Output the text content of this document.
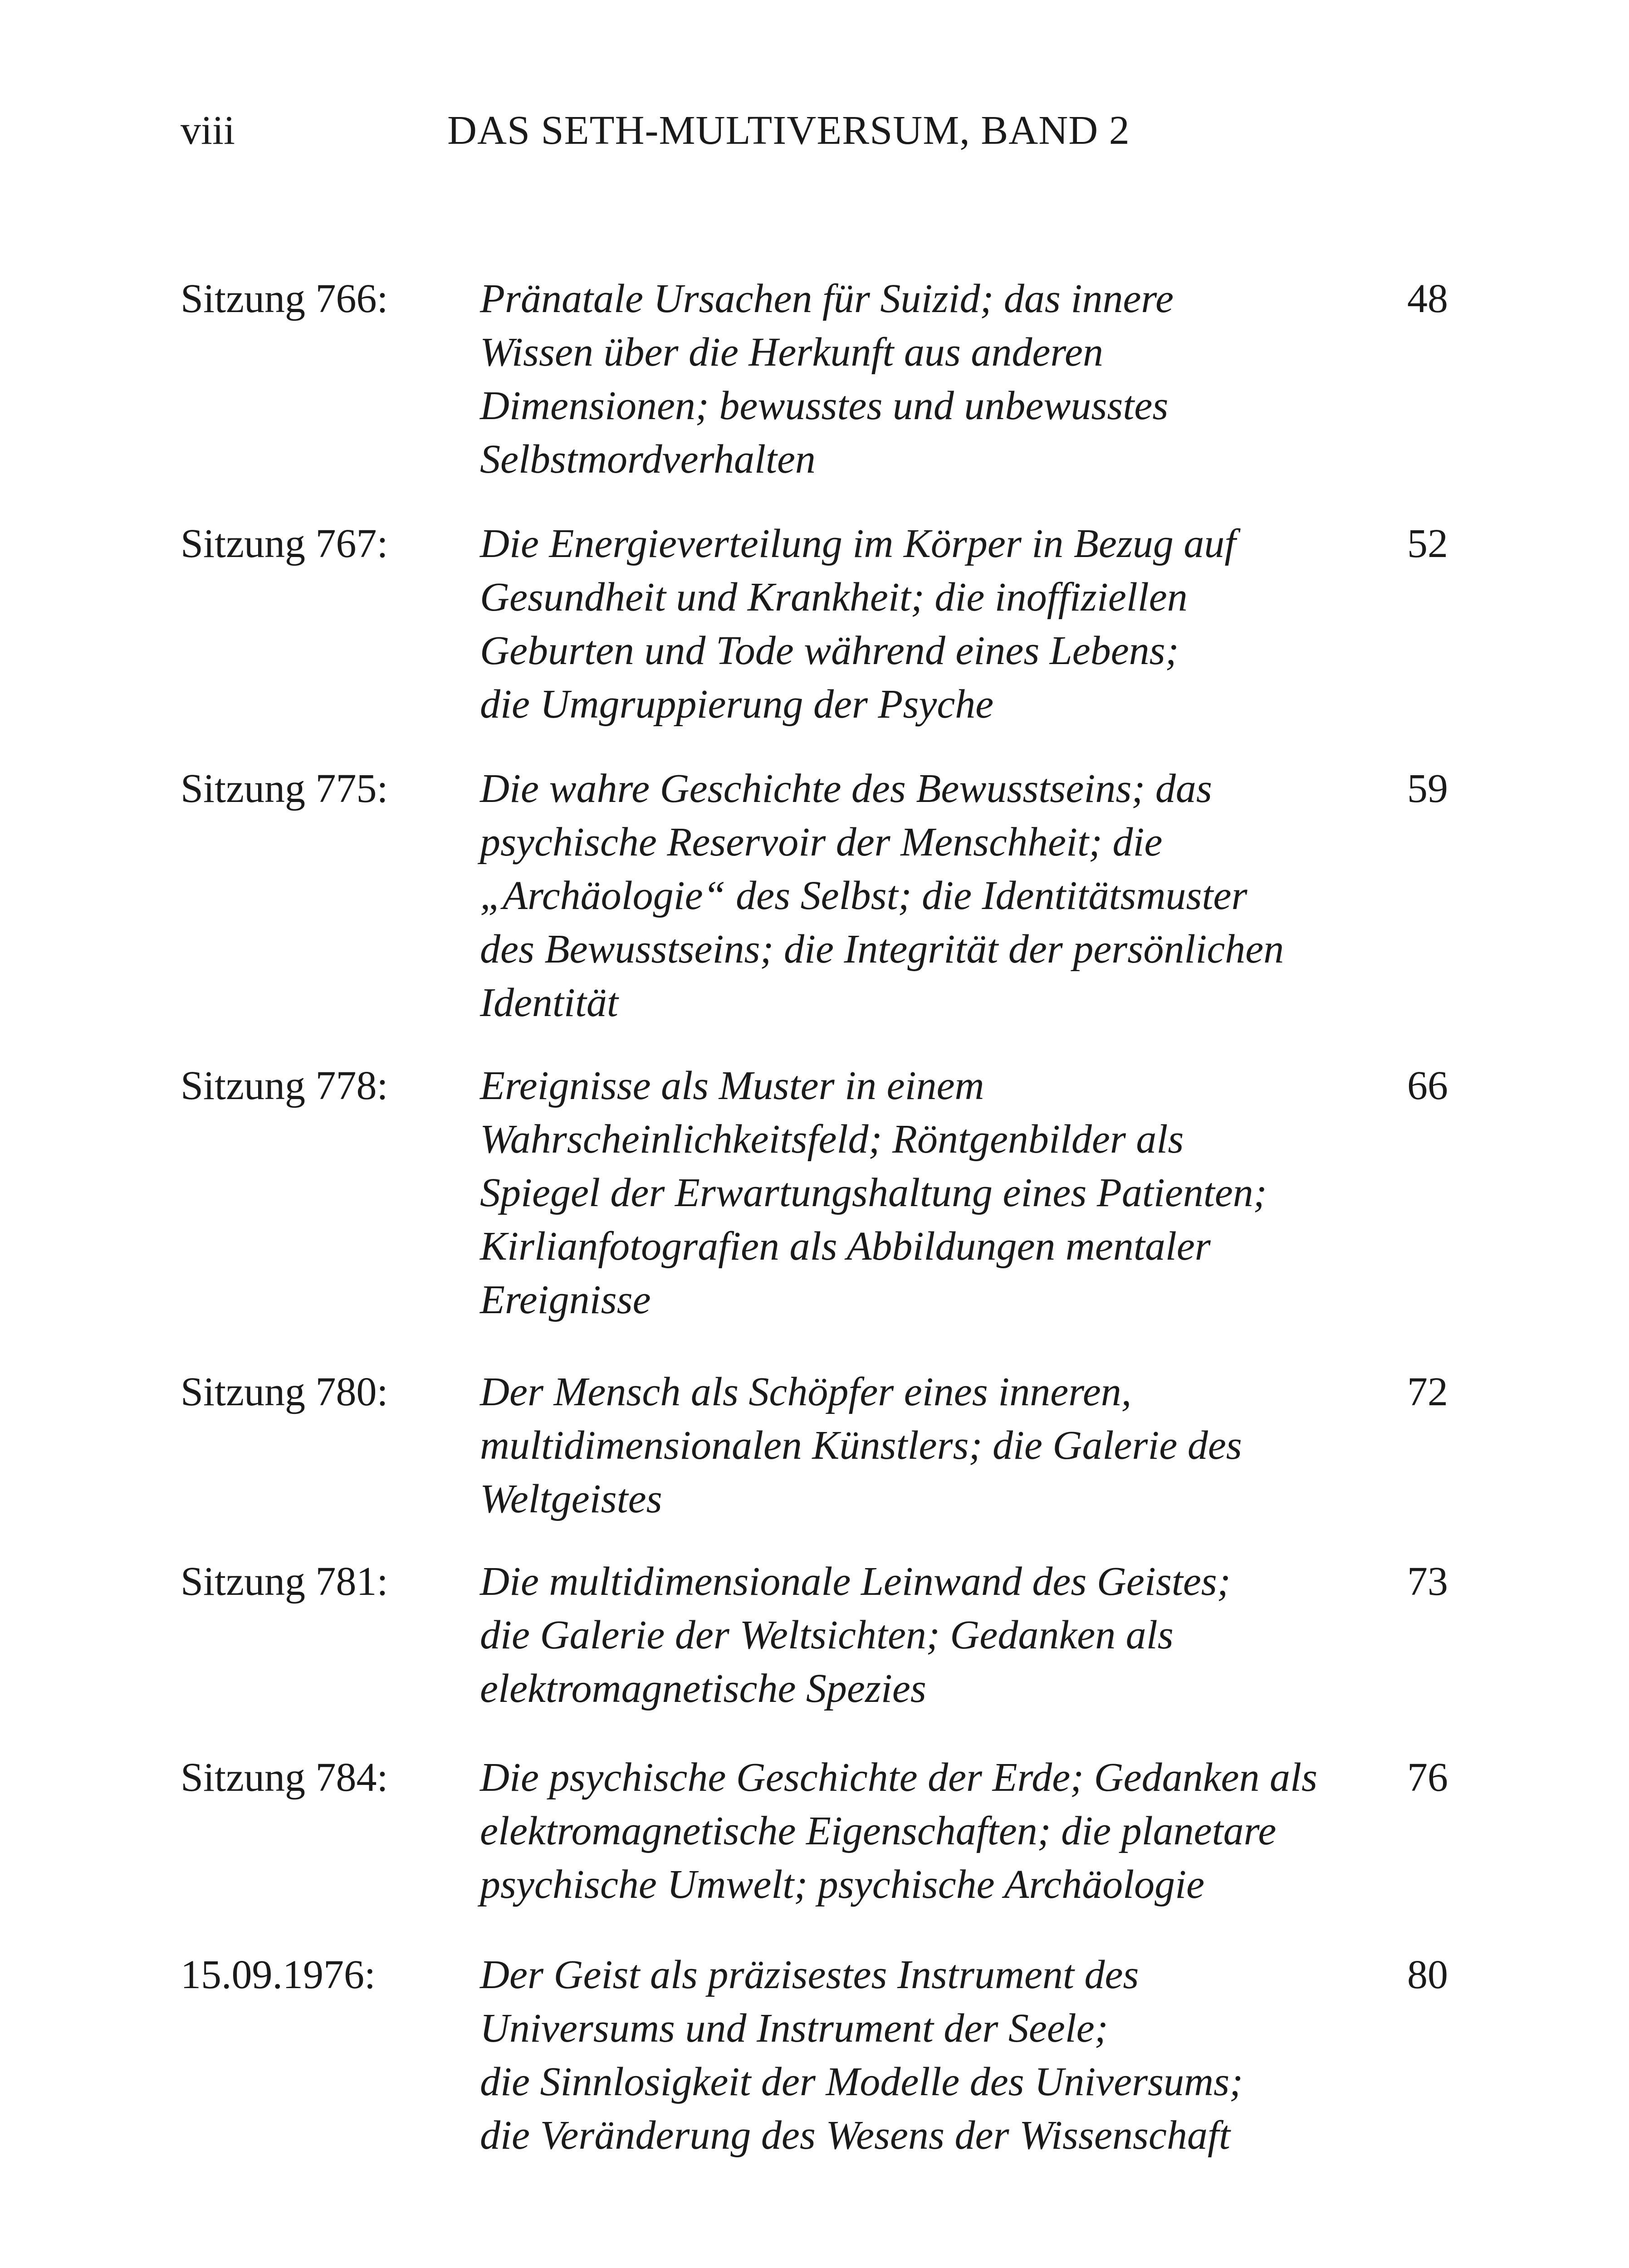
viii	DAS SETH-MULTIVERSUM, BAND 2
Sitzung 766: Pränatale Ursachen für Suizid; das innere
Wissen über die Herkunft aus anderen
Dimensionen; bewusstes und unbewusstes
Selbstmordverhalten
48
Sitzung 767: Die Energieverteilung im Körper in Bezug auf
Gesundheit und Krankheit; die inoffiziellen
Geburten und Tode während eines Lebens;
die Umgruppierung der Psyche
52
Sitzung 775: Die wahre Geschichte des Bewusstseins; das
psychische Reservoir der Menschheit; die
„Archäologie“ des Selbst; die Identitätsmuster
des Bewusstseins; die Integrität der persönlichen
Identität
59
Sitzung 778: Ereignisse als Muster in einem
Wahrscheinlichkeitsfeld; Röntgenbilder als
Spiegel der Erwartungshaltung eines Patienten;
Kirlianfotografien als Abbildungen mentaler
Ereignisse
66
Sitzung 780: Der Mensch als Schöpfer eines inneren,
multidimensionalen Künstlers; die Galerie des
Weltgeistes
72
Sitzung 781: Die multidimensionale Leinwand des Geistes;
die Galerie der Weltsichten; Gedanken als
elektromagnetische Spezies
73
Sitzung 784: Die psychische Geschichte der Erde; Gedanken als
elektromagnetische Eigenschaften; die planetare
psychische Umwelt; psychische Archäologie
76
15.09.1976:	Der Geist als präzisestes Instrument des
Universums und Instrument der Seele;
die Sinnlosigkeit der Modelle des Universums;
die Veränderung des Wesens der Wissenschaft
80
